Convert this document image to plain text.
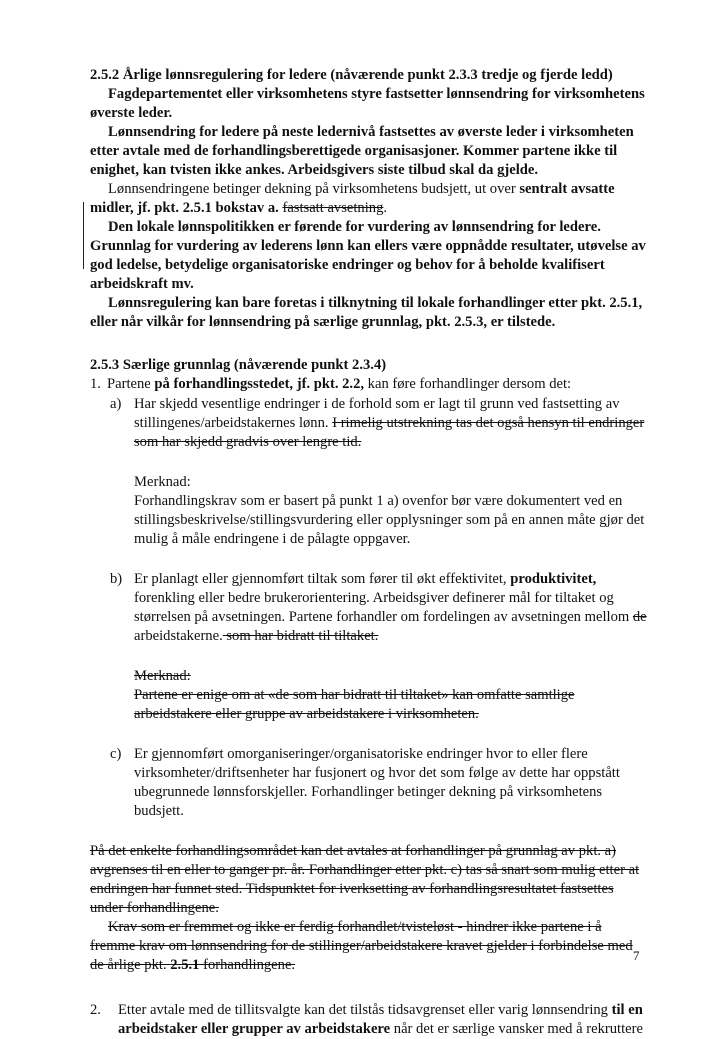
2.5.2 Årlige lønnsregulering for ledere (nåværende punkt 2.3.3 tredje og fjerde ledd)

Fagdepartementet eller virksomhetens styre fastsetter lønnsendring for virksomhetens øverste leder.

Lønnsendring for ledere på neste ledernivå fastsettes av øverste leder i virksomheten etter avtale med de forhandlingsberettigede organisasjoner. Kommer partene ikke til enighet, kan tvisten ikke ankes. Arbeidsgivers siste tilbud skal da gjelde.

Lønnsendringene betinger dekning på virksomhetens budsjett, ut over sentralt avsatte midler, jf. pkt. 2.5.1 bokstav a. fastsatt avsetning.

Den lokale lønnspolitikken er førende for vurdering av lønnsendring for ledere. Grunnlag for vurdering av lederens lønn kan ellers være oppnådde resultater, utøvelse av god ledelse, betydelige organisatoriske endringer og behov for å beholde kvalifisert arbeidskraft mv.

Lønnsregulering kan bare foretas i tilknytning til lokale forhandlinger etter pkt. 2.5.1, eller når vilkår for lønnsendring på særlige grunnlag, pkt. 2.5.3, er tilstede.

2.5.3 Særlige grunnlag (nåværende punkt 2.3.4)

1. Partene på forhandlingsstedet, jf. pkt. 2.2, kan føre forhandlinger dersom det:
a) Har skjedd vesentlige endringer i de forhold som er lagt til grunn ved fastsetting av stillingenes/arbeidstakernes lønn. I rimelig utstrekning tas det også hensyn til endringer som har skjedd gradvis over lengre tid.

Merknad:

Forhandlingskrav som er basert på punkt 1 a) ovenfor bør være dokumentert ved en stillingsbeskrivelse/stillingsvurdering eller opplysninger som på en annen måte gjør det mulig å måle endringene i de pålagte oppgaver.

b) Er planlagt eller gjennomført tiltak som fører til økt effektivitet, produktivitet, forenkling eller bedre brukerorientering. Arbeidsgiver definerer mål for tiltaket og størrelsen på avsetningen. Partene forhandler om fordelingen av avsetningen mellom de arbeidstakerne. som har bidratt til tiltaket.

Merknad:

Partene er enige om at «de som har bidratt til tiltaket» kan omfatte samtlige arbeidstakere eller gruppe av arbeidstakere i virksomheten.

c) Er gjennomført omorganiseringer/organisatoriske endringer hvor to eller flere virksomheter/driftsenheter har fusjonert og hvor det som følge av dette har oppstått ubegrunnede lønnsforskjeller. Forhandlinger betinger dekning på virksomhetens budsjett.

På det enkelte forhandlingsområdet kan det avtales at forhandlinger på grunnlag av pkt. a) avgrenses til en eller to ganger pr. år. Forhandlinger etter pkt. c) tas så snart som mulig etter at endringen har funnet sted. Tidspunktet for iverksetting av forhandlingsresultatet fastsettes under forhandlingene.

Krav som er fremmet og ikke er ferdig forhandlet/tvisteløst - hindrer ikke partene i å fremme krav om lønnsendring for de stillinger/arbeidstakere kravet gjelder i forbindelse med de årlige pkt. 2.5.1 forhandlingene.

2. Etter avtale med de tillitsvalgte kan det tilstås tidsavgrenset eller varig lønnsendring til en arbeidstaker eller grupper av arbeidstakere når det er særlige vansker med å rekruttere
7
